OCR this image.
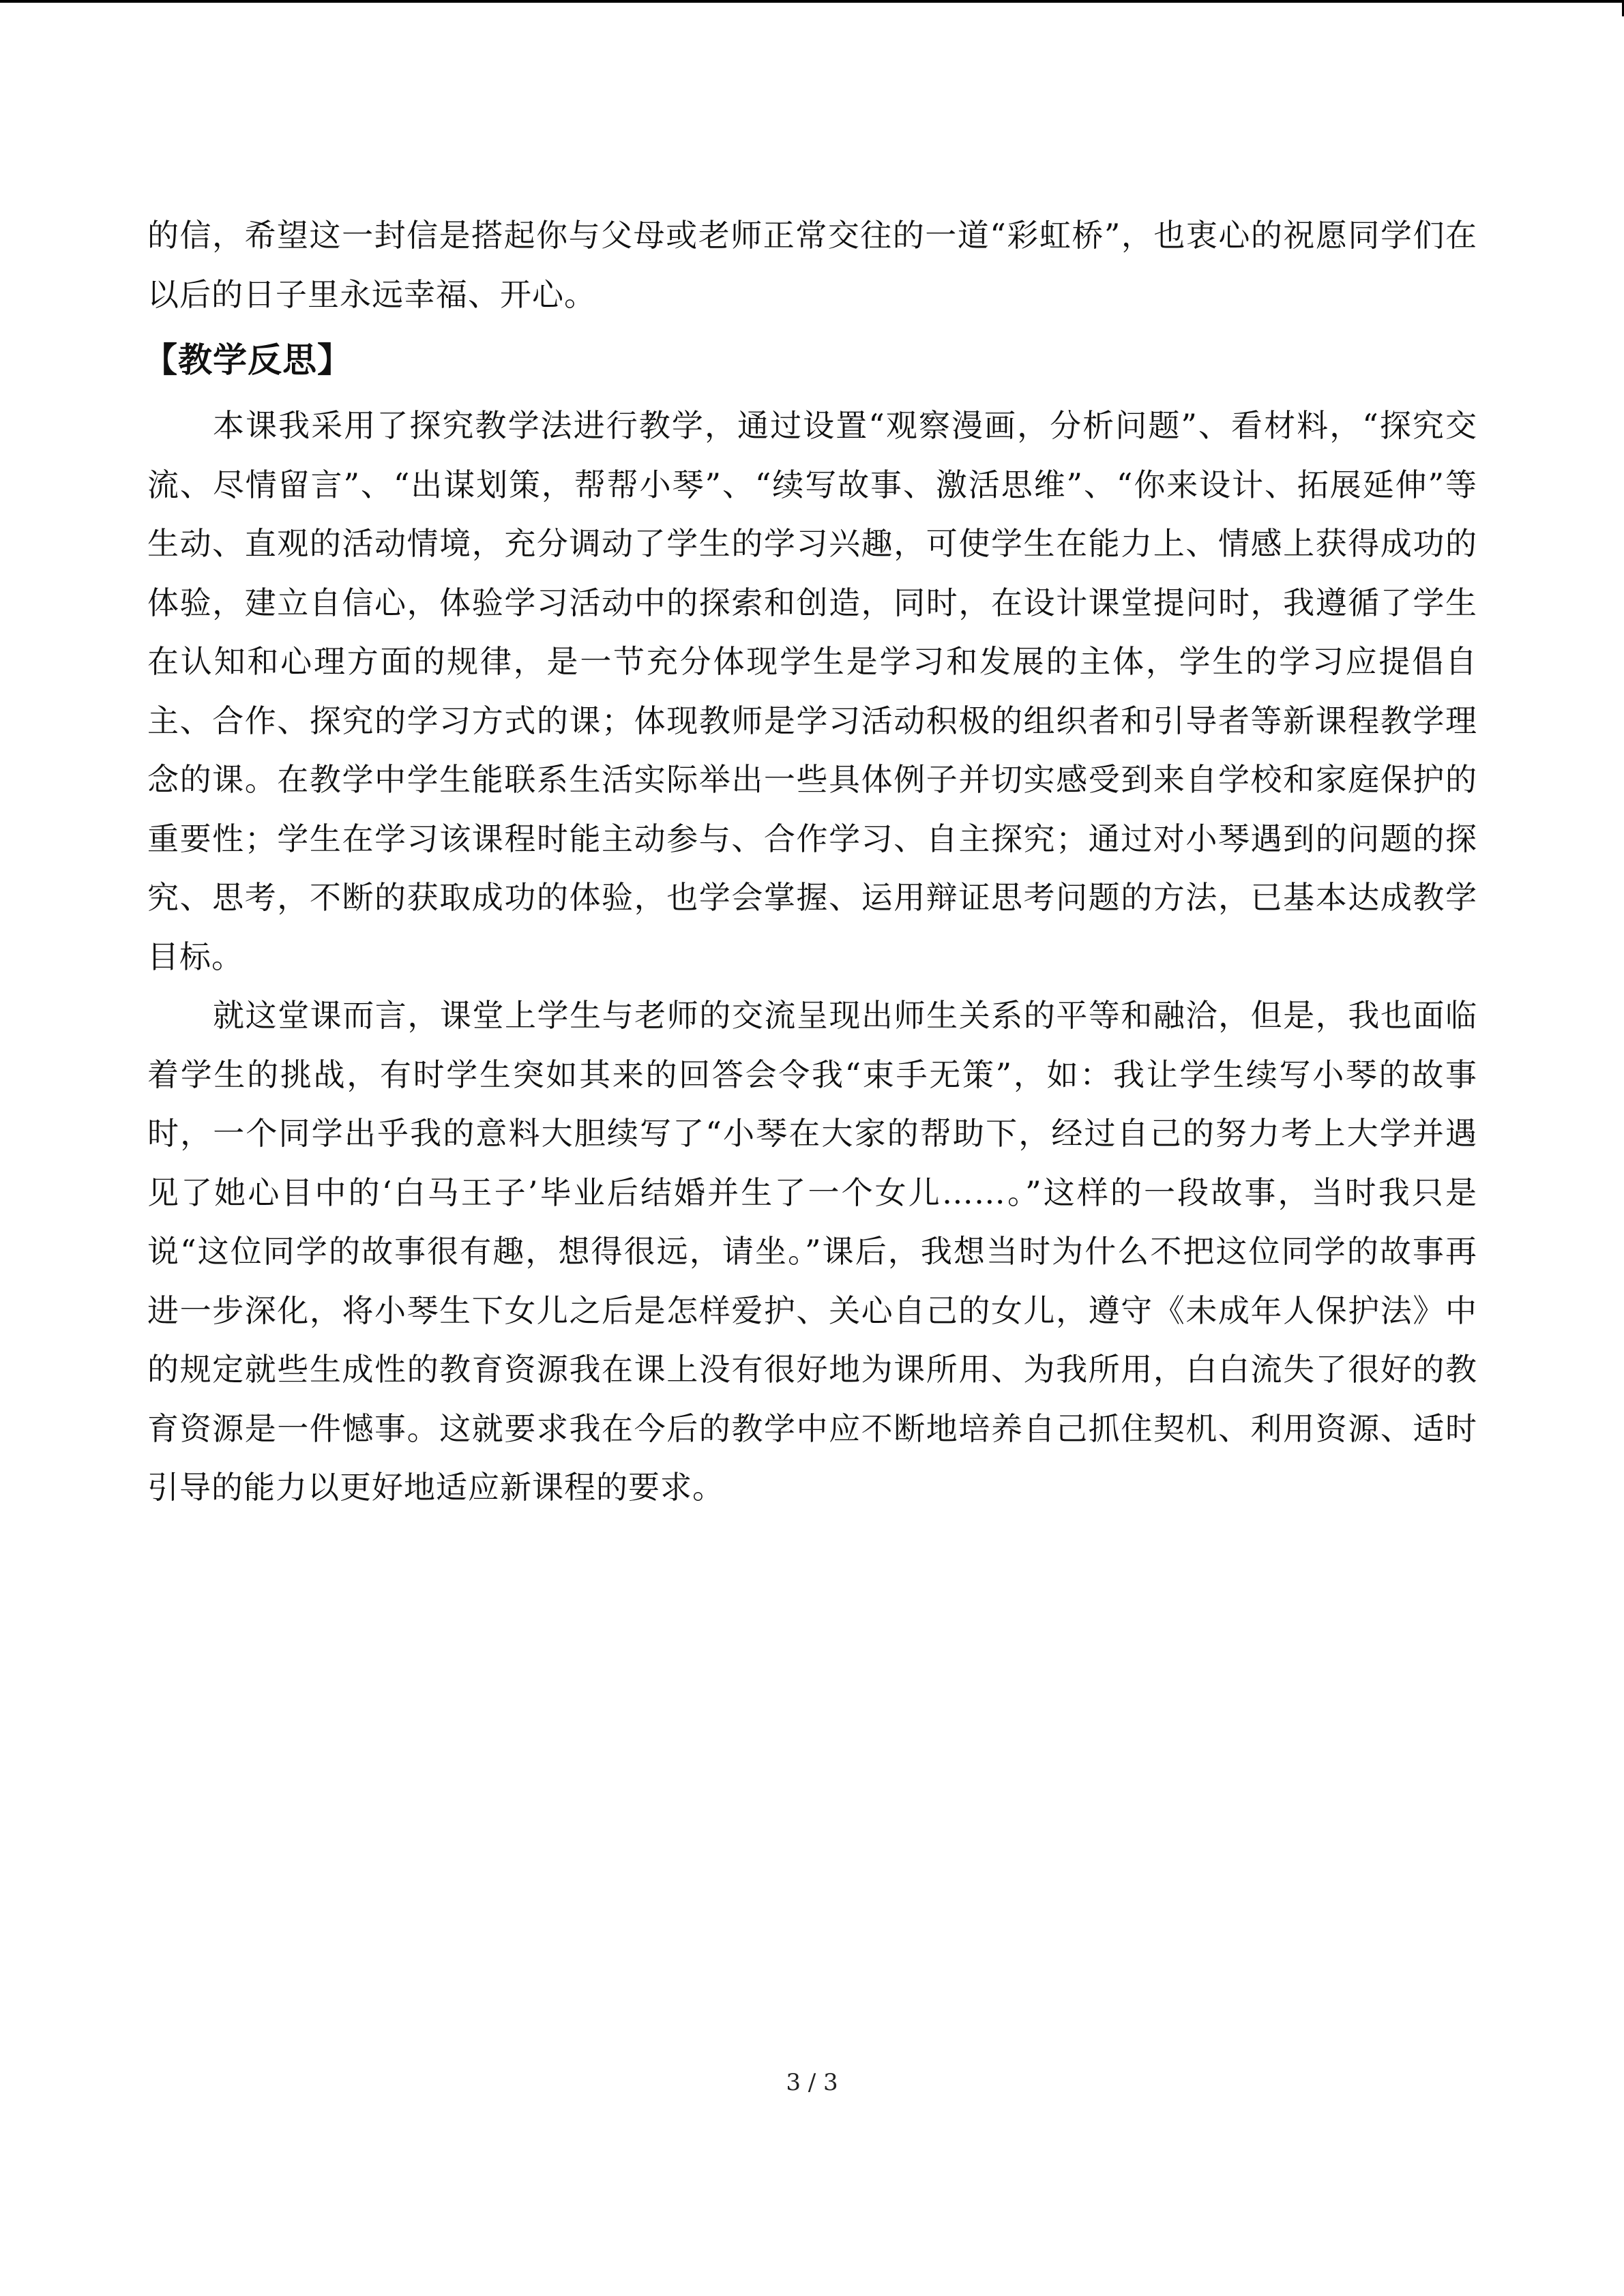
的信，希望这一封信是搭起你与父母或老师正常交往的一道“彩虹桥”，也衷心的祝愿同学们在以后的日子里永远幸福、开心。

【教学反思】

本课我采用了探究教学法进行教学，通过设置“观察漫画，分析问题”、看材料，“探究交流、尽情留言”、“出谋划策，帮帮小琴”、“续写故事、激活思维”、“你来设计、拓展延伸”等生动、直观的活动情境，充分调动了学生的学习兴趣，可使学生在能力上、情感上获得成功的体验，建立自信心，体验学习活动中的探索和创造，同时，在设计课堂提问时，我遵循了学生在认知和心理方面的规律，是一节充分体现学生是学习和发展的主体，学生的学习应提倡自主、合作、探究的学习方式的课；体现教师是学习活动积极的组织者和引导者等新课程教学理念的课。在教学中学生能联系生活实际举出一些具体例子并切实感受到来自学校和家庭保护的重要性；学生在学习该课程时能主动参与、合作学习、自主探究；通过对小琴遇到的问题的探究、思考，不断的获取成功的体验，也学会掌握、运用辩证思考问题的方法，已基本达成教学目标。

就这堂课而言，课堂上学生与老师的交流呈现出师生关系的平等和融洽，但是，我也面临着学生的挑战，有时学生突如其来的回答会令我“束手无策”，如：我让学生续写小琴的故事时，一个同学出乎我的意料大胆续写了“小琴在大家的帮助下，经过自己的努力考上大学并遇见了她心目中的‘白马王子’毕业后结婚并生了一个女儿……。”这样的一段故事，当时我只是说“这位同学的故事很有趣，想得很远，请坐。”课后，我想当时为什么不把这位同学的故事再进一步深化，将小琴生下女儿之后是怎样爱护、关心自己的女儿，遵守《未成年人保护法》中的规定就些生成性的教育资源我在课上没有很好地为课所用、为我所用，白白流失了很好的教育资源是一件憾事。这就要求我在今后的教学中应不断地培养自己抓住契机、利用资源、适时引导的能力以更好地适应新课程的要求。

3 / 3
